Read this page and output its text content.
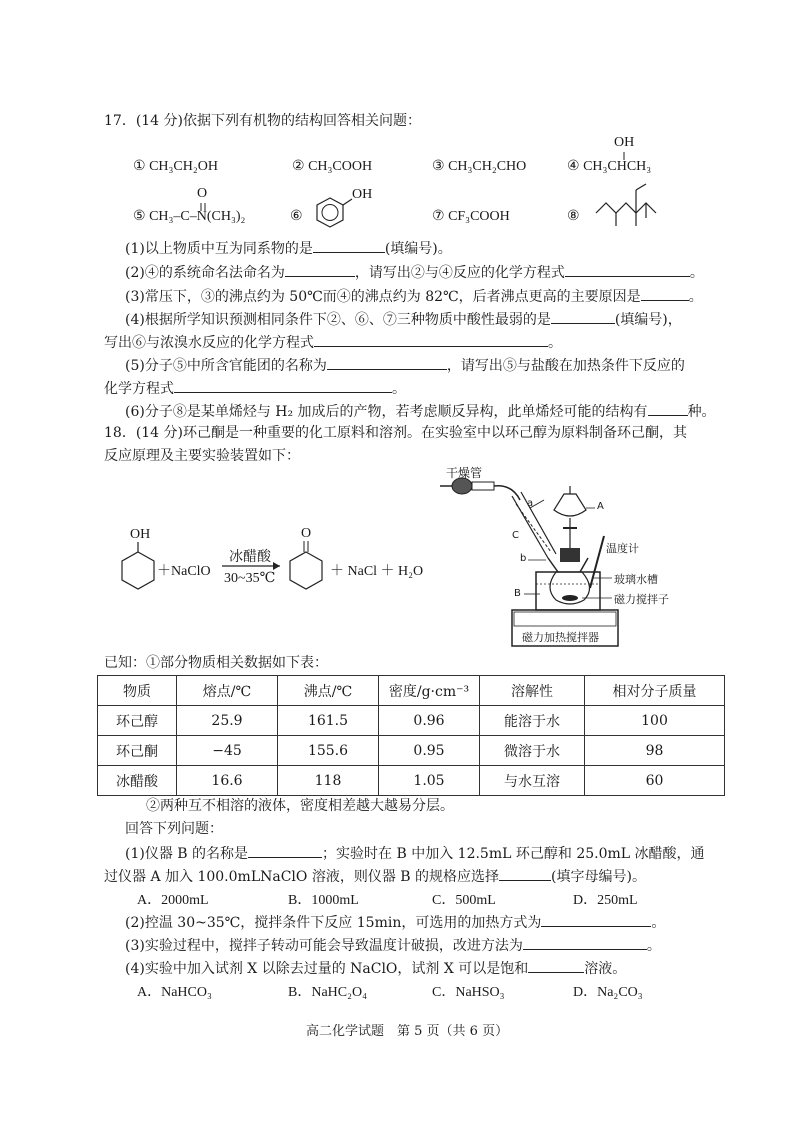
17．(14 分)依据下列有机物的结构回答相关问题：
① CH₃CH₂OH	② CH₃COOH	③ CH₃CH₂CHO	④ CH₃CHCH₃
OH
⑤ CH₃–C–N(CH₃)₂
O
⑥
OH
⑦ CF₃COOH	⑧
(1)以上物质中互为同系物的是	(填编号)。
(2)④的系统命名法命名为	，请写出②与④反应的化学方程式	。
(3)常压下，③的沸点约为 50℃而④的沸点约为 82℃，后者沸点更高的主要原因是	。
(4)根据所学知识预测相同条件下②、⑥、⑦三种物质中酸性最弱的是	(填编号)，
写出⑥与浓溴水反应的化学方程式	。
(5)分子⑤中所含官能团的名称为	，请写出⑤与盐酸在加热条件下反应的
化学方程式	。
(6)分子⑧是某单烯烃与 H₂ 加成后的产物，若考虑顺反异构，此单烯烃可能的结构有	种。
18．(14 分)环己酮是一种重要的化工原料和溶剂。在实验室中以环己醇为原料制备环己酮，其
反应原理及主要实验装置如下：
OH
＋NaClO
冰醋酸
30~35℃
O
＋ NaCl ＋ H₂O
干燥管
a	A
C
b
温度计
玻璃水槽
B	磁力搅拌子
磁力加热搅拌器
已知：①部分物质相关数据如下表：
物质	熔点/℃	沸点/℃	密度/g·cm⁻³	溶解性	相对分子质量
环己醇	25.9	161.5	0.96	能溶于水	100
环己酮	−45	155.6	0.95	微溶于水	98
冰醋酸	16.6	118	1.05	与水互溶	60
②两种互不相溶的液体，密度相差越大越易分层。
回答下列问题：
(1)仪器 B 的名称是	；实验时在 B 中加入 12.5mL 环己醇和 25.0mL 冰醋酸，通
过仪器 A 加入 100.0mLNaClO 溶液，则仪器 B 的规格应选择	(填字母编号)。
A．2000mL	B．1000mL	C．500mL	D．250mL
(2)控温 30~35℃，搅拌条件下反应 15min，可选用的加热方式为	。
(3)实验过程中，搅拌子转动可能会导致温度计破损，改进方法为	。
(4)实验中加入试剂 X 以除去过量的 NaClO，试剂 X 可以是饱和	溶液。
A．NaHCO₃	B．NaHC₂O₄	C．NaHSO₃	D．Na₂CO₃
高二化学试题　第 5 页（共 6 页）
